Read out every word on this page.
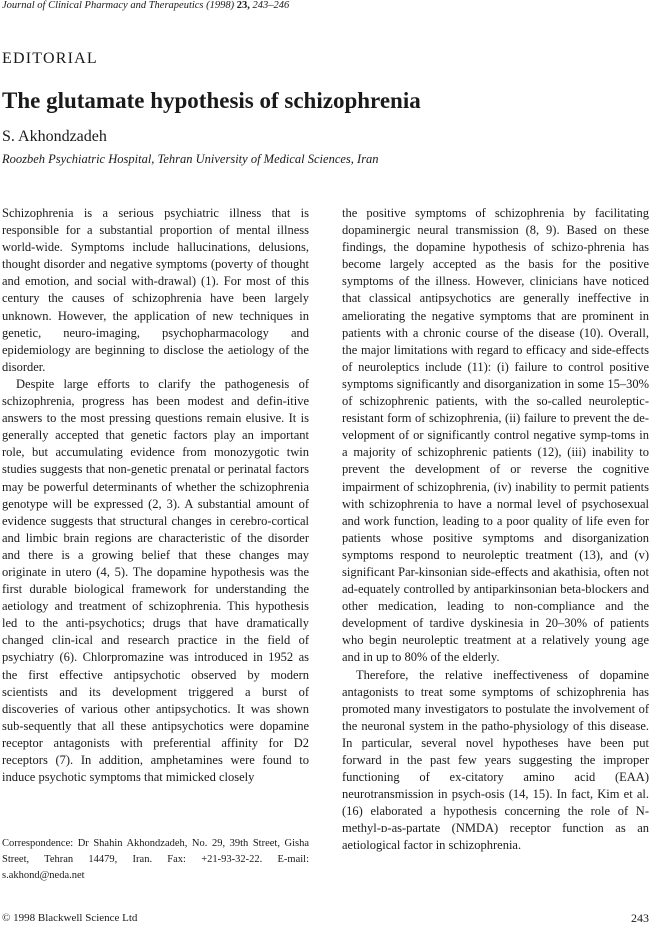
Journal of Clinical Pharmacy and Therapeutics (1998) 23, 243–246
EDITORIAL
The glutamate hypothesis of schizophrenia
S. Akhondzadeh
Roozbeh Psychiatric Hospital, Tehran University of Medical Sciences, Iran

Schizophrenia is a serious psychiatric illness that is responsible for a substantial proportion of mental illness world-wide. Symptoms include hallucinations, delusions, thought disorder and negative symptoms (poverty of thought and emotion, and social with-drawal) (1). For most of this century the causes of schizophrenia have been largely unknown. However, the application of new techniques in genetic, neuro-imaging, psychopharmacology and epidemiology are beginning to disclose the aetiology of the disorder.

Despite large efforts to clarify the pathogenesis of schizophrenia, progress has been modest and defin-itive answers to the most pressing questions remain elusive. It is generally accepted that genetic factors play an important role, but accumulating evidence from monozygotic twin studies suggests that non-genetic prenatal or perinatal factors may be powerful determinants of whether the schizophrenia genotype will be expressed (2, 3). A substantial amount of evidence suggests that structural changes in cerebro-cortical and limbic brain regions are characteristic of the disorder and there is a growing belief that these changes may originate in utero (4, 5). The dopamine hypothesis was the first durable biological framework for understanding the aetiology and treatment of schizophrenia. This hypothesis led to the anti-psychotics; drugs that have dramatically changed clin-ical and research practice in the field of psychiatry (6). Chlorpromazine was introduced in 1952 as the first effective antipsychotic observed by modern scientists and its development triggered a burst of discoveries of various other antipsychotics. It was shown sub-sequently that all these antipsychotics were dopamine receptor antagonists with preferential affinity for D2 receptors (7). In addition, amphetamines were found to induce psychotic symptoms that mimicked closely

the positive symptoms of schizophrenia by facilitating dopaminergic neural transmission (8, 9). Based on these findings, the dopamine hypothesis of schizo-phrenia has become largely accepted as the basis for the positive symptoms of the illness. However, clinicians have noticed that classical antipsychotics are generally ineffective in ameliorating the negative symptoms that are prominent in patients with a chronic course of the disease (10). Overall, the major limitations with regard to efficacy and side-effects of neuroleptics include (11): (i) failure to control positive symptoms significantly and disorganization in some 15–30% of schizophrenic patients, with the so-called neuroleptic-resistant form of schizophrenia, (ii) failure to prevent the de-velopment of or significantly control negative symp-toms in a majority of schizophrenic patients (12), (iii) inability to prevent the development of or reverse the cognitive impairment of schizophrenia, (iv) inability to permit patients with schizophrenia to have a normal level of psychosexual and work function, leading to a poor quality of life even for patients whose positive symptoms and disorganization symptoms respond to neuroleptic treatment (13), and (v) significant Par-kinsonian side-effects and akathisia, often not ad-equately controlled by antiparkinsonian beta-blockers and other medication, leading to non-compliance and the development of tardive dyskinesia in 20–30% of patients who begin neuroleptic treatment at a relatively young age and in up to 80% of the elderly.

Therefore, the relative ineffectiveness of dopamine antagonists to treat some symptoms of schizophrenia has promoted many investigators to postulate the involvement of the neuronal system in the patho-physiology of this disease. In particular, several novel hypotheses have been put forward in the past few years suggesting the improper functioning of ex-citatory amino acid (EAA) neurotransmission in psych-osis (14, 15). In fact, Kim et al. (16) elaborated a hypothesis concerning the role of N-methyl-ᴅ-as-partate (NMDA) receptor function as an aetiological factor in schizophrenia.

Correspondence: Dr Shahin Akhondzadeh, No. 29, 39th Street, Gisha Street, Tehran 14479, Iran. Fax: +21-93-32-22. E-mail: s.akhond@neda.net
© 1998 Blackwell Science Ltd	243
